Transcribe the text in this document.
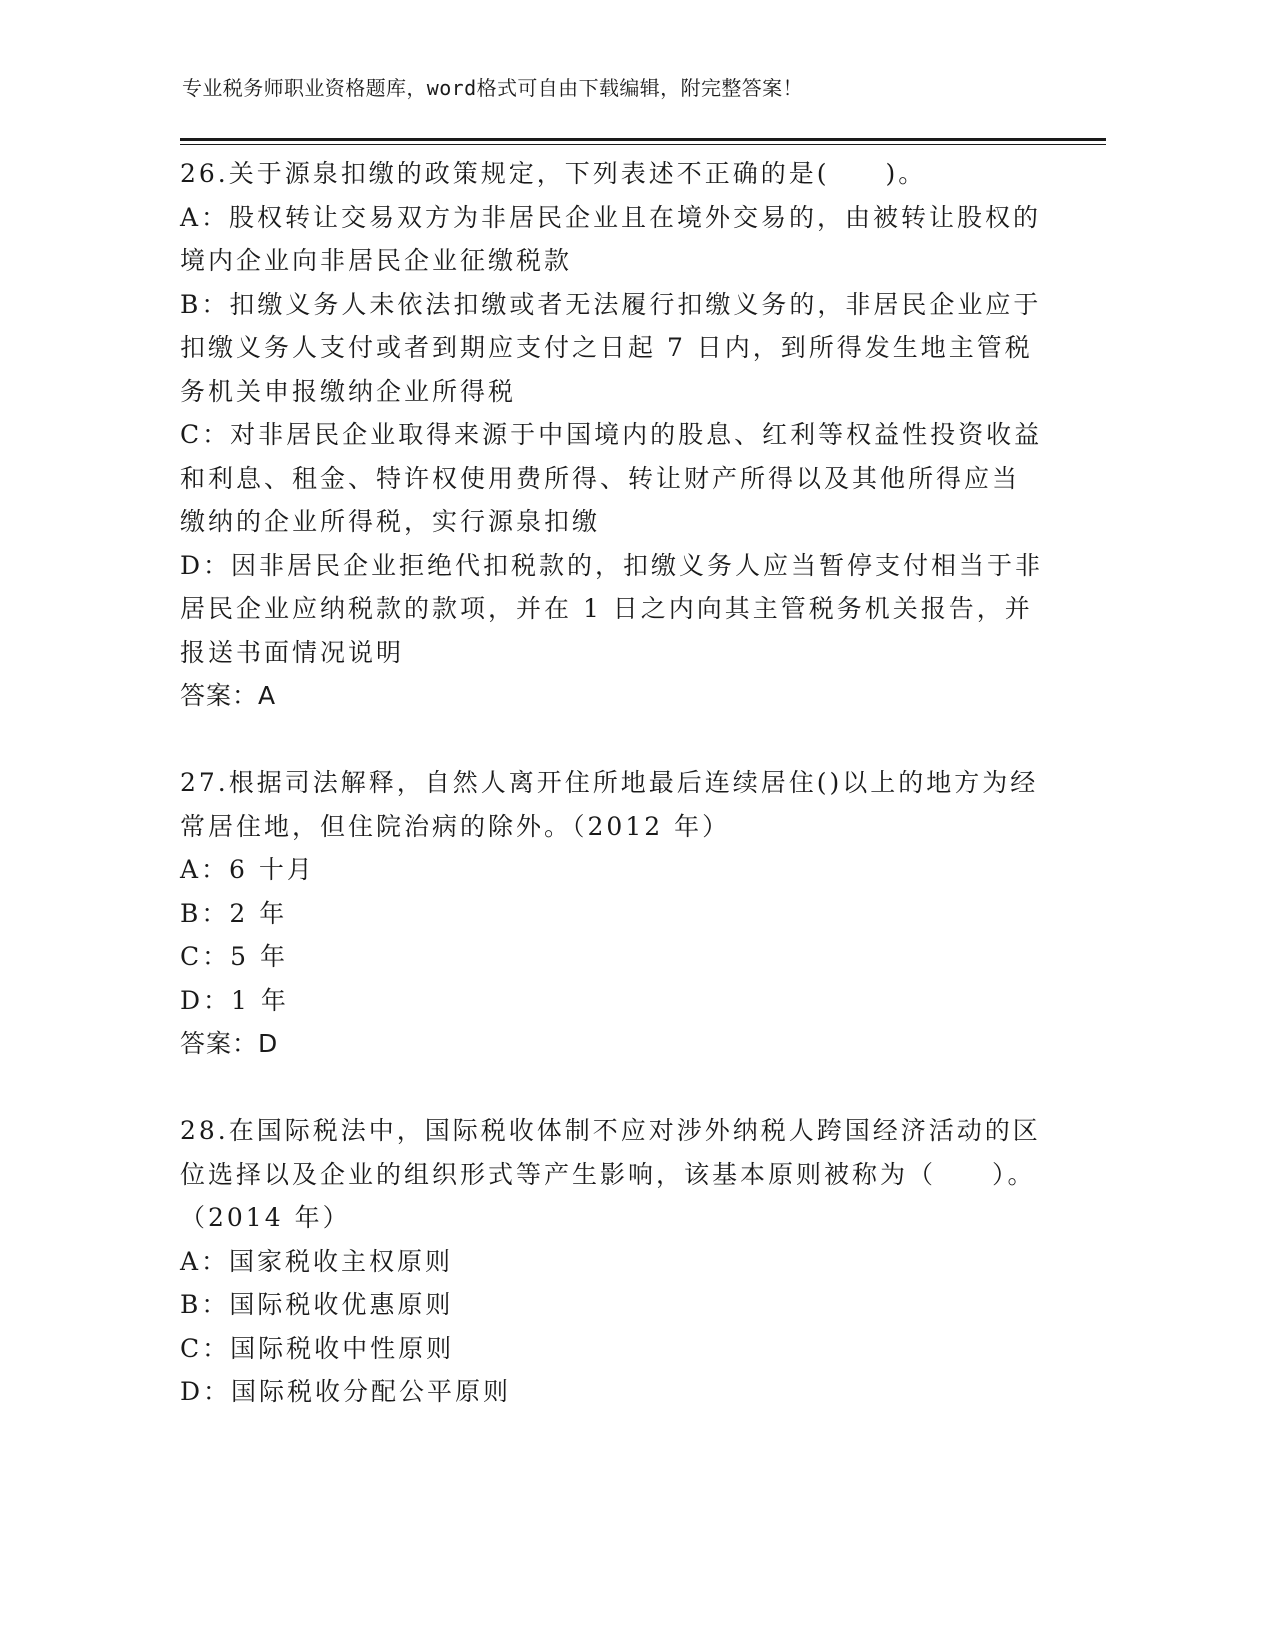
专业税务师职业资格题库，word格式可自由下载编辑，附完整答案！
26.关于源泉扣缴的政策规定，下列表述不正确的是(　　)。
A：股权转让交易双方为非居民企业且在境外交易的，由被转让股权的
境内企业向非居民企业征缴税款
B：扣缴义务人未依法扣缴或者无法履行扣缴义务的，非居民企业应于
扣缴义务人支付或者到期应支付之日起 7 日内，到所得发生地主管税
务机关申报缴纳企业所得税
C：对非居民企业取得来源于中国境内的股息、红利等权益性投资收益
和利息、租金、特许权使用费所得、转让财产所得以及其他所得应当
缴纳的企业所得税，实行源泉扣缴
D：因非居民企业拒绝代扣税款的，扣缴义务人应当暂停支付相当于非
居民企业应纳税款的款项，并在 1 日之内向其主管税务机关报告，并
报送书面情况说明
答案：A
27.根据司法解释，自然人离开住所地最后连续居住()以上的地方为经
常居住地，但住院治病的除外。（2012 年）
A：6 十月
B：2 年
C：5 年
D：1 年
答案：D
28.在国际税法中，国际税收体制不应对涉外纳税人跨国经济活动的区
位选择以及企业的组织形式等产生影响，该基本原则被称为（　　）。
（2014 年）
A：国家税收主权原则
B：国际税收优惠原则
C：国际税收中性原则
D：国际税收分配公平原则
